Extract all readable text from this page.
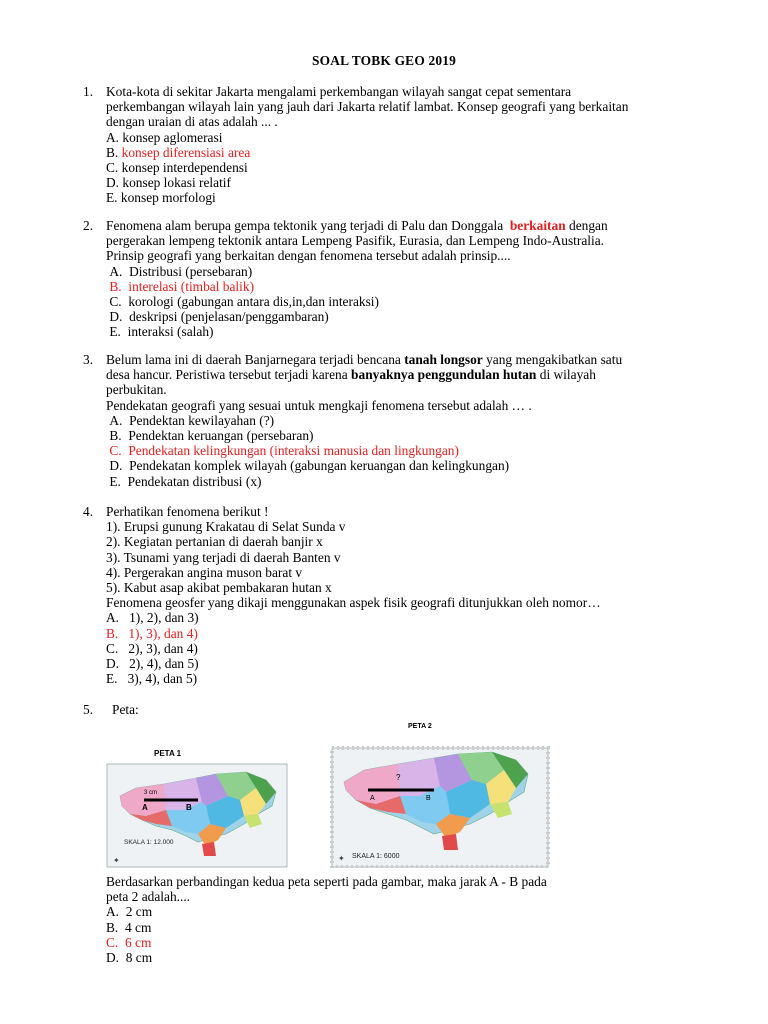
SOAL TOBK GEO 2019
1. Kota-kota di sekitar Jakarta mengalami perkembangan wilayah sangat cepat sementara
perkembangan wilayah lain yang jauh dari Jakarta relatif lambat. Konsep geografi yang berkaitan
dengan uraian di atas adalah ... .
A. konsep aglomerasi
B. konsep diferensiasi area
C. konsep interdependensi
D. konsep lokasi relatif
E. konsep morfologi
2. Fenomena alam berupa gempa tektonik yang terjadi di Palu dan Donggala berkaitan dengan
pergerakan lempeng tektonik antara Lempeng Pasifik, Eurasia, dan Lempeng Indo-Australia.
Prinsip geografi yang berkaitan dengan fenomena tersebut adalah prinsip....
A. Distribusi (persebaran)
B. interelasi (timbal balik)
C. korologi (gabungan antara dis,in,dan interaksi)
D. deskripsi (penjelasan/penggambaran)
E. interaksi (salah)
3. Belum lama ini di daerah Banjarnegara terjadi bencana tanah longsor yang mengakibatkan satu
desa hancur. Peristiwa tersebut terjadi karena banyaknya penggundulan hutan di wilayah
perbukitan.
Pendekatan geografi yang sesuai untuk mengkaji fenomena tersebut adalah … .
A. Pendektan kewilayahan (?)
B. Pendektan keruangan (persebaran)
C. Pendekatan kelingkungan (interaksi manusia dan lingkungan)
D. Pendekatan komplek wilayah (gabungan keruangan dan kelingkungan)
E. Pendekatan distribusi (x)
4. Perhatikan fenomena berikut !
1). Erupsi gunung Krakatau di Selat Sunda v
2). Kegiatan pertanian di daerah banjir x
3). Tsunami yang terjadi di daerah Banten v
4). Pergerakan angina muson barat v
5). Kabut asap akibat pembakaran hutan x
Fenomena geosfer yang dikaji menggunakan aspek fisik geografi ditunjukkan oleh nomor…
A. 1), 2), dan 3)
B. 1), 3), dan 4)
C. 2), 3), dan 4)
D. 2), 4), dan 5)
E.   3), 4), dan 5)
5. Peta:
PETA 1
3 cm
A	B
SKALA 1: 12.000
✦
PETA 2
?
A	B
SKALA 1: 6000
✦
Berdasarkan perbandingan kedua peta seperti pada gambar, maka jarak A - B pada
peta 2 adalah....
A. 2 cm
B. 4 cm
C. 6 cm
D. 8 cm
